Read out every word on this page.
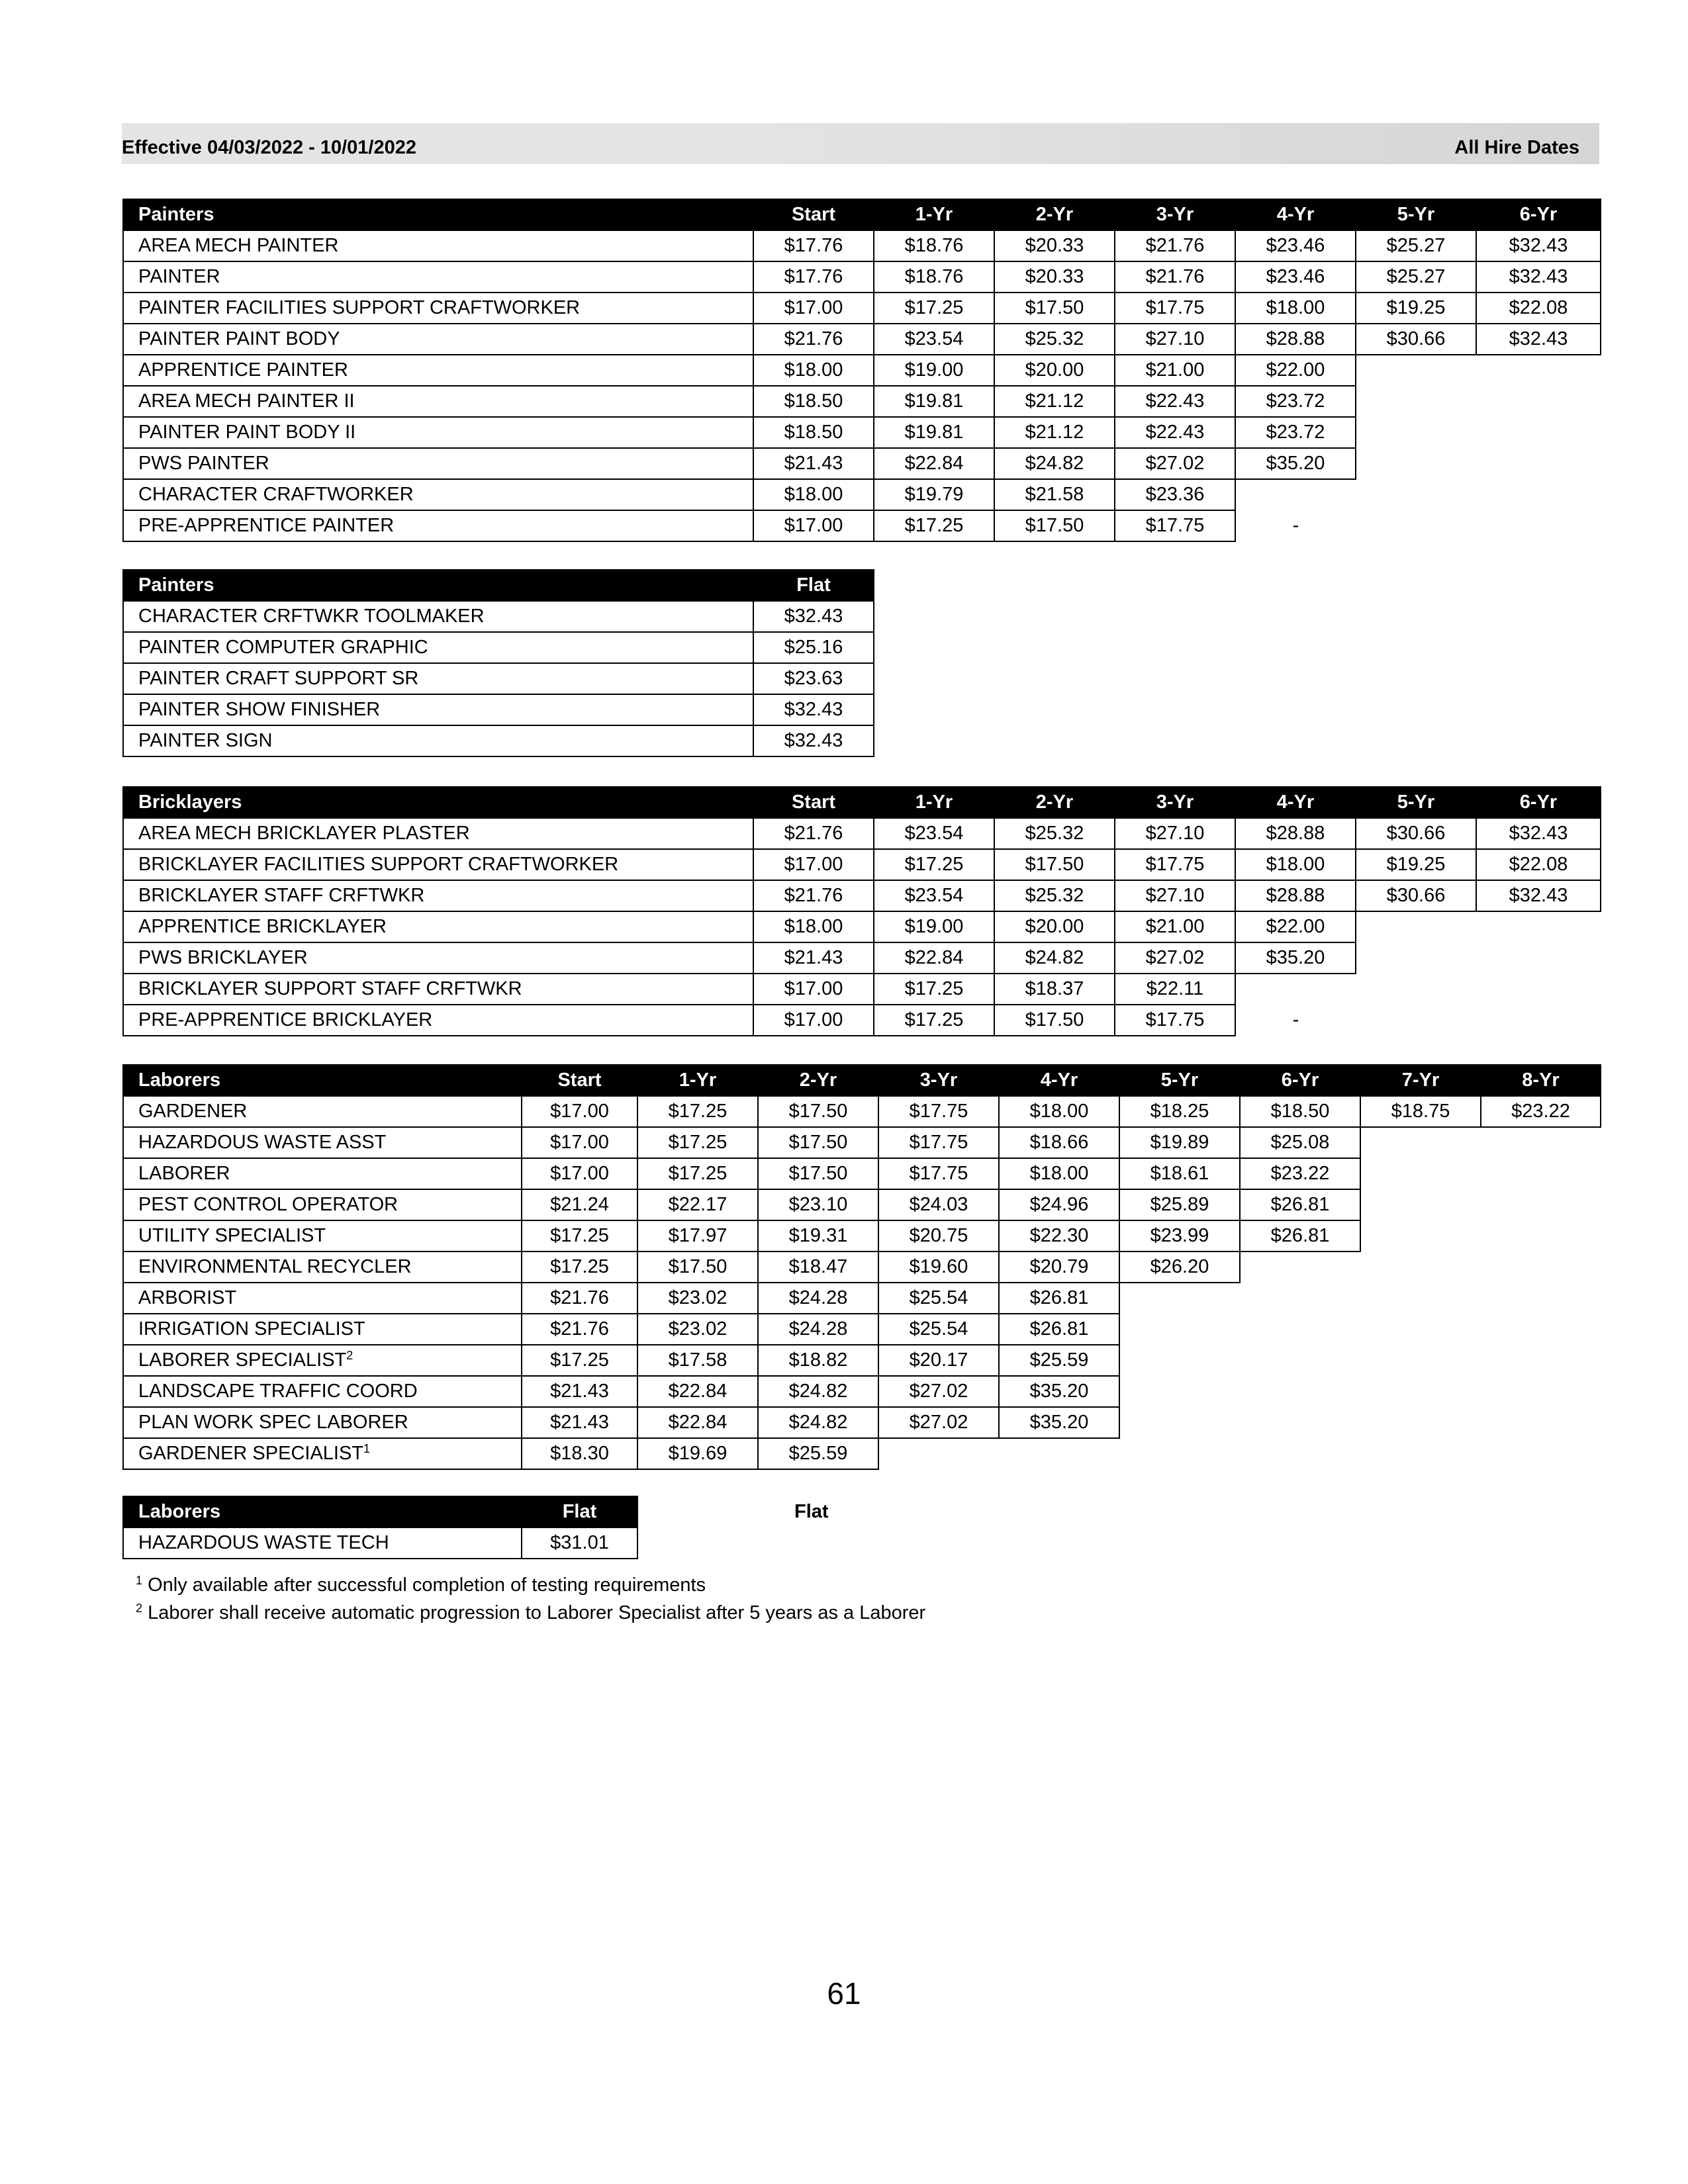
Effective 04/03/2022 - 10/01/2022	All Hire Dates
Painters	Start	1-Yr	2-Yr	3-Yr	4-Yr	5-Yr	6-Yr
AREA MECH PAINTER	$17.76	$18.76	$20.33	$21.76	$23.46	$25.27	$32.43
PAINTER	$17.76	$18.76	$20.33	$21.76	$23.46	$25.27	$32.43
PAINTER FACILITIES SUPPORT CRAFTWORKER	$17.00	$17.25	$17.50	$17.75	$18.00	$19.25	$22.08
PAINTER PAINT BODY	$21.76	$23.54	$25.32	$27.10	$28.88	$30.66	$32.43
APPRENTICE PAINTER	$18.00	$19.00	$20.00	$21.00	$22.00		
AREA MECH PAINTER II	$18.50	$19.81	$21.12	$22.43	$23.72		
PAINTER PAINT BODY II	$18.50	$19.81	$21.12	$22.43	$23.72		
PWS PAINTER	$21.43	$22.84	$24.82	$27.02	$35.20		
CHARACTER CRAFTWORKER	$18.00	$19.79	$21.58	$23.36			
PRE-APPRENTICE PAINTER	$17.00	$17.25	$17.50	$17.75	-		
Painters	Flat
CHARACTER CRFTWKR TOOLMAKER	$32.43
PAINTER COMPUTER GRAPHIC	$25.16
PAINTER CRAFT SUPPORT SR	$23.63
PAINTER SHOW FINISHER	$32.43
PAINTER SIGN	$32.43
Bricklayers	Start	1-Yr	2-Yr	3-Yr	4-Yr	5-Yr	6-Yr
AREA MECH BRICKLAYER PLASTER	$21.76	$23.54	$25.32	$27.10	$28.88	$30.66	$32.43
BRICKLAYER FACILITIES SUPPORT CRAFTWORKER	$17.00	$17.25	$17.50	$17.75	$18.00	$19.25	$22.08
BRICKLAYER STAFF CRFTWKR	$21.76	$23.54	$25.32	$27.10	$28.88	$30.66	$32.43
APPRENTICE BRICKLAYER	$18.00	$19.00	$20.00	$21.00	$22.00		
PWS BRICKLAYER	$21.43	$22.84	$24.82	$27.02	$35.20		
BRICKLAYER SUPPORT STAFF CRFTWKR	$17.00	$17.25	$18.37	$22.11			
PRE-APPRENTICE BRICKLAYER	$17.00	$17.25	$17.50	$17.75	-		
Laborers	Start	1-Yr	2-Yr	3-Yr	4-Yr	5-Yr	6-Yr	7-Yr	8-Yr
GARDENER	$17.00	$17.25	$17.50	$17.75	$18.00	$18.25	$18.50	$18.75	$23.22
HAZARDOUS WASTE ASST	$17.00	$17.25	$17.50	$17.75	$18.66	$19.89	$25.08		
LABORER	$17.00	$17.25	$17.50	$17.75	$18.00	$18.61	$23.22		
PEST CONTROL OPERATOR	$21.24	$22.17	$23.10	$24.03	$24.96	$25.89	$26.81		
UTILITY SPECIALIST	$17.25	$17.97	$19.31	$20.75	$22.30	$23.99	$26.81		
ENVIRONMENTAL RECYCLER	$17.25	$17.50	$18.47	$19.60	$20.79	$26.20			
ARBORIST	$21.76	$23.02	$24.28	$25.54	$26.81				
IRRIGATION SPECIALIST	$21.76	$23.02	$24.28	$25.54	$26.81				
LABORER SPECIALIST$^2$	$17.25	$17.58	$18.82	$20.17	$25.59				
LANDSCAPE TRAFFIC COORD	$21.43	$22.84	$24.82	$27.02	$35.20				
PLAN WORK SPEC LABORER	$21.43	$22.84	$24.82	$27.02	$35.20				
GARDENER SPECIALIST$^1$	$18.30	$19.69	$25.59						
Laborers	Flat
HAZARDOUS WASTE TECH	$31.01
Flat

$^1$ Only available after successful completion of testing requirements

$^2$ Laborer shall receive automatic progression to Laborer Specialist after 5 years as a Laborer

61
